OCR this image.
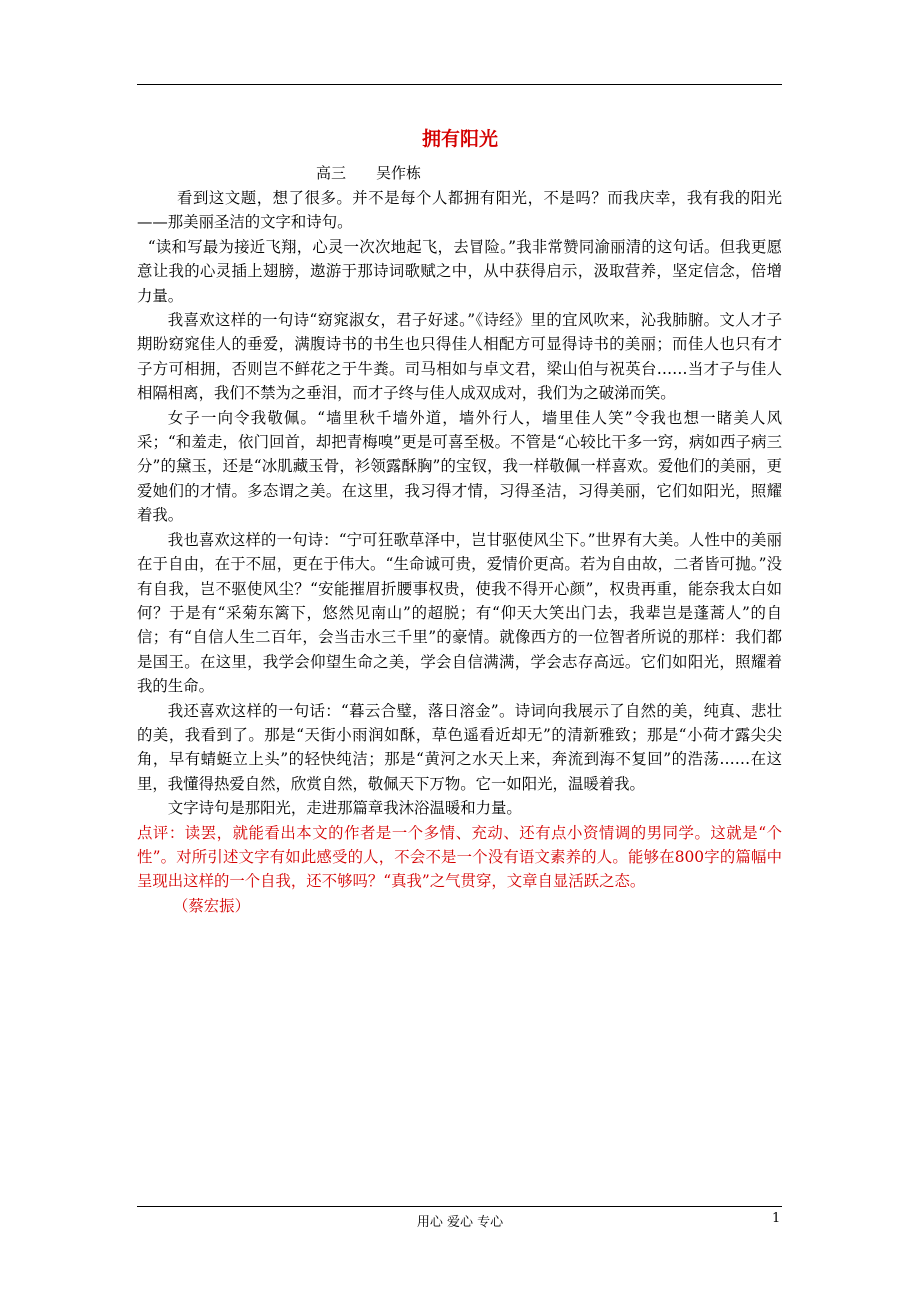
拥有阳光
高三　　吴作栋

看到这文题，想了很多。并不是每个人都拥有阳光，不是吗？而我庆幸，我有我的阳光——那美丽圣洁的文字和诗句。

“读和写最为接近飞翔，心灵一次次地起飞，去冒险。”我非常赞同渝丽清的这句话。但我更愿意让我的心灵插上翅膀，遨游于那诗词歌赋之中，从中获得启示，汲取营养，坚定信念，倍增力量。

我喜欢这样的一句诗“窈窕淑女，君子好逑。”《诗经》里的宜风吹来，沁我肺腑。文人才子期盼窈窕佳人的垂爱，满腹诗书的书生也只得佳人相配方可显得诗书的美丽；而佳人也只有才子方可相拥，否则岂不鲜花之于牛粪。司马相如与卓文君，梁山伯与祝英台……当才子与佳人相隔相离，我们不禁为之垂泪，而才子终与佳人成双成对，我们为之破涕而笑。

女子一向令我敬佩。“墙里秋千墙外道，墙外行人，墙里佳人笑”令我也想一睹美人风采；“和羞走，依门回首，却把青梅嗅”更是可喜至极。不管是“心较比干多一窍，病如西子病三分”的黛玉，还是“冰肌藏玉骨，衫领露酥胸”的宝钗，我一样敬佩一样喜欢。爱他们的美丽，更爱她们的才情。多态谓之美。在这里，我习得才情，习得圣洁，习得美丽，它们如阳光，照耀着我。

我也喜欢这样的一句诗：“宁可狂歌草泽中，岂甘驱使风尘下。”世界有大美。人性中的美丽在于自由，在于不屈，更在于伟大。“生命诚可贵，爱情价更高。若为自由故，二者皆可抛。”没有自我，岂不驱使风尘？“安能摧眉折腰事权贵，使我不得开心颜”，权贵再重，能奈我太白如何？于是有“采菊东篱下，悠然见南山”的超脱；有“仰天大笑出门去，我辈岂是蓬蒿人”的自信；有“自信人生二百年，会当击水三千里”的豪情。就像西方的一位智者所说的那样：我们都是国王。在这里，我学会仰望生命之美，学会自信满满，学会志存高远。它们如阳光，照耀着我的生命。

我还喜欢这样的一句话：“暮云合璧，落日溶金”。诗词向我展示了自然的美，纯真、悲壮的美，我看到了。那是“天街小雨润如酥，草色遥看近却无”的清新雅致；那是“小荷才露尖尖角，早有蜻蜓立上头”的轻快纯洁；那是“黄河之水天上来，奔流到海不复回”的浩荡……在这里，我懂得热爱自然，欣赏自然，敬佩天下万物。它一如阳光，温暖着我。

文字诗句是那阳光，走进那篇章我沐浴温暖和力量。

点评：读罢，就能看出本文的作者是一个多情、充动、还有点小资情调的男同学。这就是“个性”。对所引述文字有如此感受的人，不会不是一个没有语文素养的人。能够在800字的篇幅中呈现出这样的一个自我，还不够吗？“真我”之气贯穿，文章自显活跃之态。

（蔡宏振）

用心 爱心 专心	1
